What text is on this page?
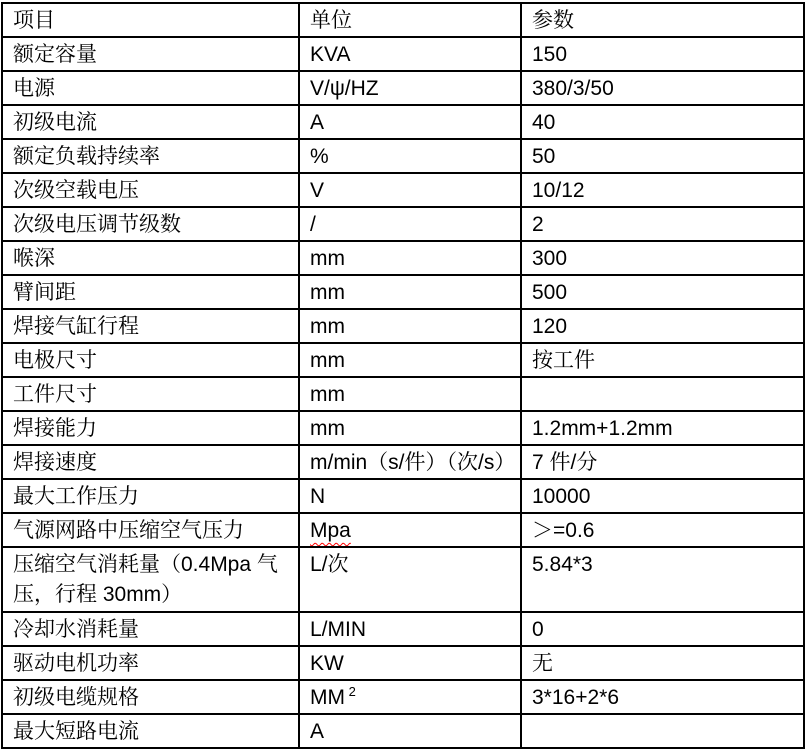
项目	单位	参数
额定容量	KVA	150
电源	V/ψ/HZ	380/3/50
初级电流	A	40
额定负载持续率	%	50
次级空载电压	V	10/12
次级电压调节级数	/	2
喉深	mm	300
臂间距	mm	500
焊接气缸行程	mm	120
电极尺寸	mm	按工件
工件尺寸	mm	
焊接能力	mm	1.2mm+1.2mm
焊接速度	m/min（s/件）（次/s）	7 件/分
最大工作压力	N	10000
气源网路中压缩空气压力	Mpa	＞=0.6
压缩空气消耗量（0.4Mpa 气压，行程 30mm）	L/次	5.84*3
冷却水消耗量	L/MIN	0
驱动电机功率	KW	无
初级电缆规格	MM $^2$	3*16+2*6
最大短路电流	A	
